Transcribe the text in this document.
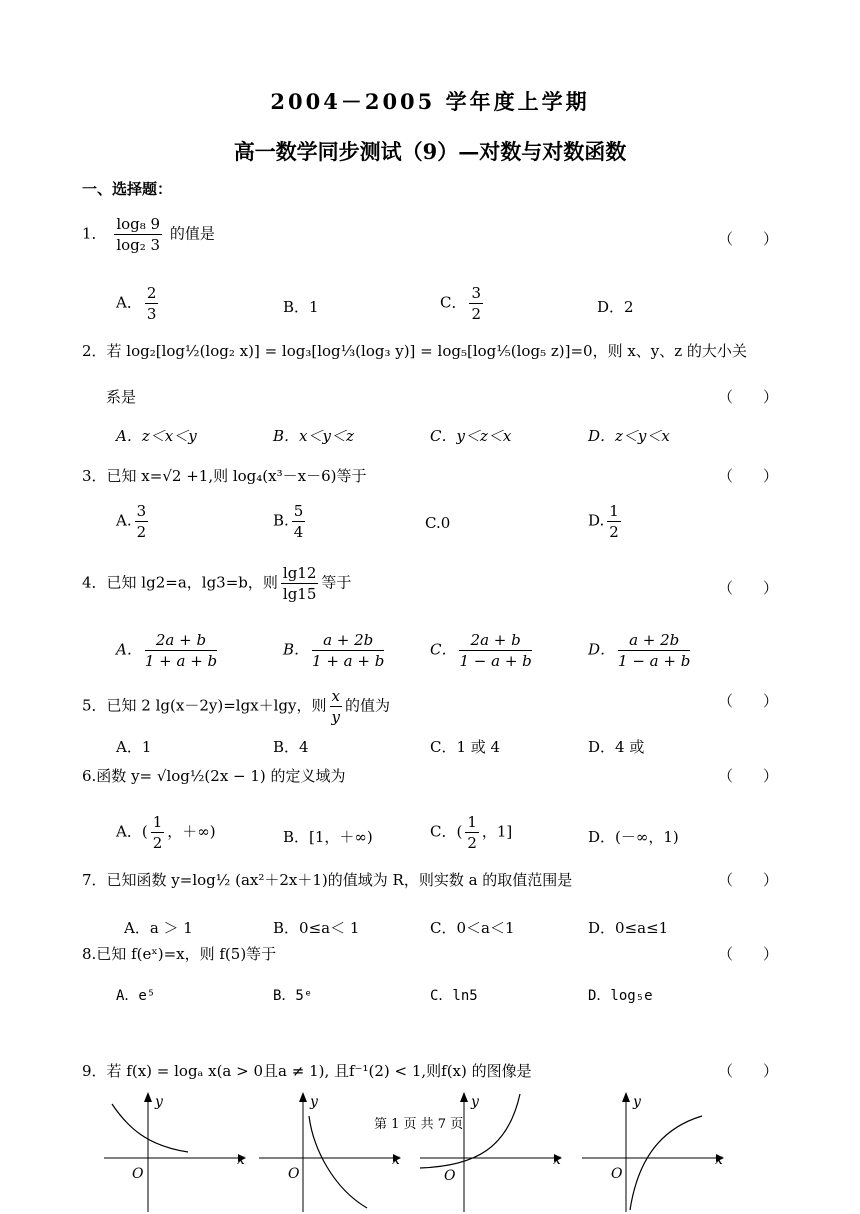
2004－2005 学年度上学期
高一数学同步测试（9）—对数与对数函数
一、选择题：
1． $\frac{\text{log₈ 9}}{\text{log₂ 3}}$ 的值是	（　　）
A． $\frac{2}{3}$	B．1	C． $\frac{3}{2}$	D．2
2．若 log₂[log½(log₂ x)] = log₃[log⅓(log₃ y)] = log₅[log⅕(log₅ z)]=0，则 x、y、z 的大小关
系是	（　　）
A．z＜x＜y	B．x＜y＜z	C．y＜z＜x	D．z＜y＜x
3．已知 x=√2 +1,则 log₄(x³－x－6)等于	（　　）
A. $\frac{3}{2}$	B. $\frac{5}{4}$	C.0	D. $\frac{1}{2}$
4．已知 lg2=a，lg3=b，则 $\frac{\lg 12}{\lg 15}$ 等于	（　　）
A． $\frac{2a + b}{1 + a + b}$	B． $\frac{a + 2b}{1 + a + b}$	C． $\frac{2a + b}{1 - a + b}$	D． $\frac{a + 2b}{1 - a + b}$
5．已知 2 lg(x－2y)=lgx＋lgy，则 $\frac{x}{y}$ 的值为	（　　）
A．1	B．4	C．1 或 4	D．4 或
6.函数 y= √log½(2x − 1) 的定义域为	（　　）
A．( $\frac{1}{2}$ ，＋∞)	B．[1，＋∞)	C．( $\frac{1}{2}$ ，1]	D．(－∞，1)
7．已知函数 y=log½ (ax²＋2x＋1)的值域为 R，则实数 a 的取值范围是	（　　）
A．a ＞ 1	B．0≤a＜ 1	C．0＜a＜1	D．0≤a≤1
8.已知 f(eˣ)=x，则 f(5)等于	（　　）
A．e⁵	B．5ᵉ	C．ln5	D．log₅e
9．若 f(x) = logₐ x(a > 0且a ≠ 1), 且f⁻¹(2) < 1,则f(x) 的图像是	（　　）
x
y
O
x
y
O
x
y
O
x
y
O
第 1 页 共 7 页
